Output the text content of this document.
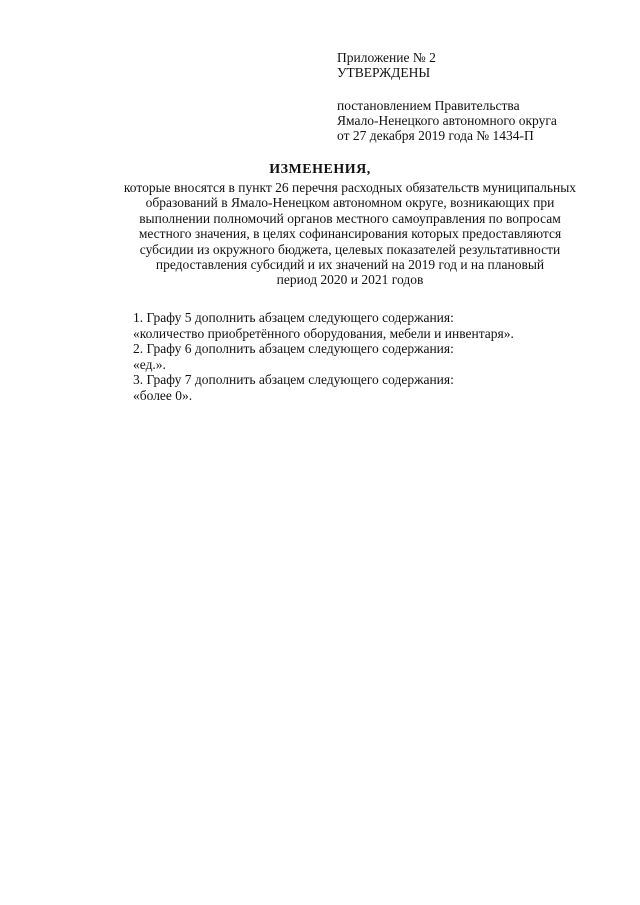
Приложение № 2
УТВЕРЖДЕНЫ
постановлением Правительства
Ямало-Ненецкого автономного округа
от 27 декабря 2019 года № 1434-П
ИЗМЕНЕНИЯ,
которые вносятся в пункт 26 перечня расходных обязательств муниципальных
образований в Ямало-Ненецком автономном округе, возникающих при
выполнении полномочий органов местного самоуправления по вопросам
местного значения, в целях софинансирования которых предоставляются
субсидии из окружного бюджета, целевых показателей результативности
предоставления субсидий и их значений на 2019 год и на плановый
период 2020 и 2021 годов
1. Графу 5 дополнить абзацем следующего содержания:
«количество приобретённого оборудования, мебели и инвентаря».
2. Графу 6 дополнить абзацем следующего содержания:
«ед.».
3. Графу 7 дополнить абзацем следующего содержания:
«более 0».
